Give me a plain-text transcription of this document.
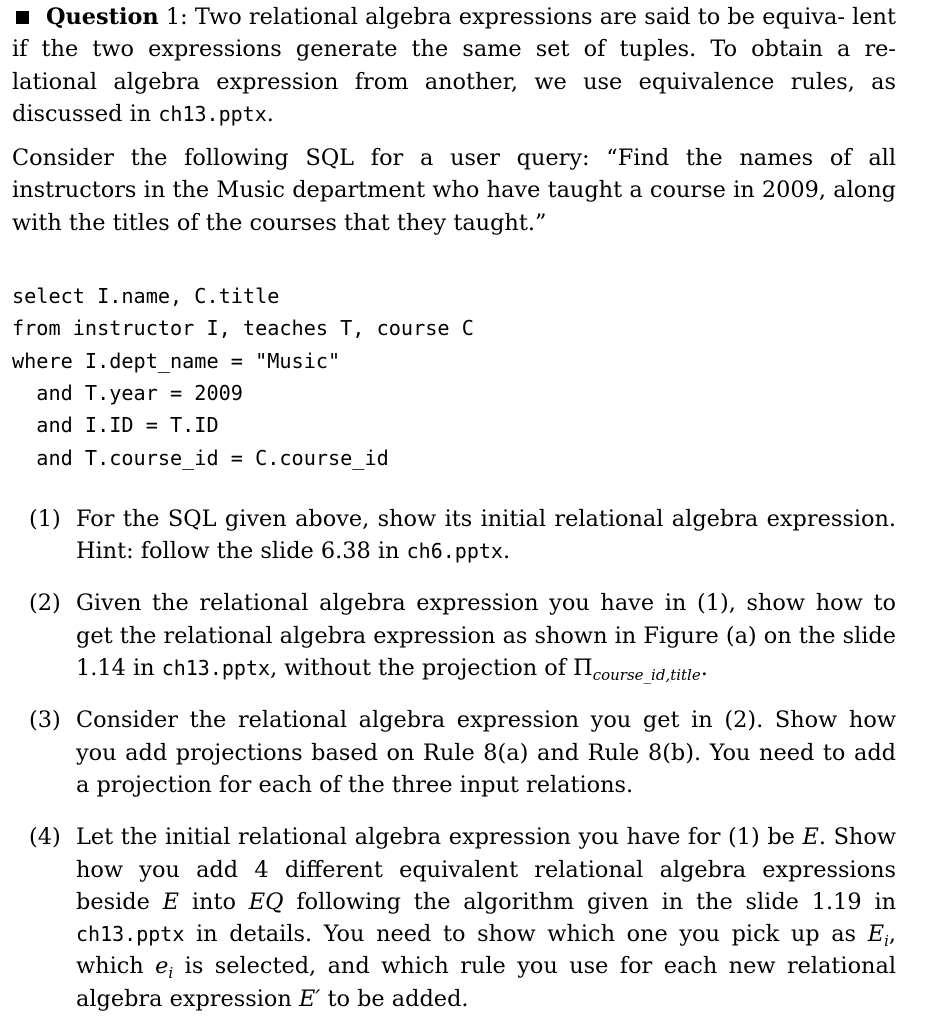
Question 1: Two relational algebra expressions are said to be equiva- lent if the two expressions generate the same set of tuples. To obtain a re- lational algebra expression from another, we use equivalence rules, as discussed in ch13.pptx.

Consider the following SQL for a user query: “Find the names of all instructors in the Music department who have taught a course in 2009, along with the titles of the courses that they taught.”

select I.name, C.title
from instructor I, teaches T, course C
where I.dept_name = "Music"
and T.year = 2009
and I.ID = T.ID
and T.course_id = C.course_id
(1) For the SQL given above, show its initial relational algebra expression. Hint: follow the slide 6.38 in ch6.pptx.
(2) Given the relational algebra expression you have in (1), show how to get the relational algebra expression as shown in Figure (a) on the slide 1.14 in ch13.pptx, without the projection of $\Pi_{course\_id,title}$.
(3) Consider the relational algebra expression you get in (2). Show how you add projections based on Rule 8(a) and Rule 8(b). You need to add a projection for each of the three input relations.
(4) Let the initial relational algebra expression you have for (1) be E. Show how you add 4 different equivalent relational algebra expressions beside E into EQ following the algorithm given in the slide 1.19 in ch13.pptx in details. You need to show which one you pick up as $E_i$, which $e_i$ is selected, and which rule you use for each new relational algebra expression E′ to be added.
